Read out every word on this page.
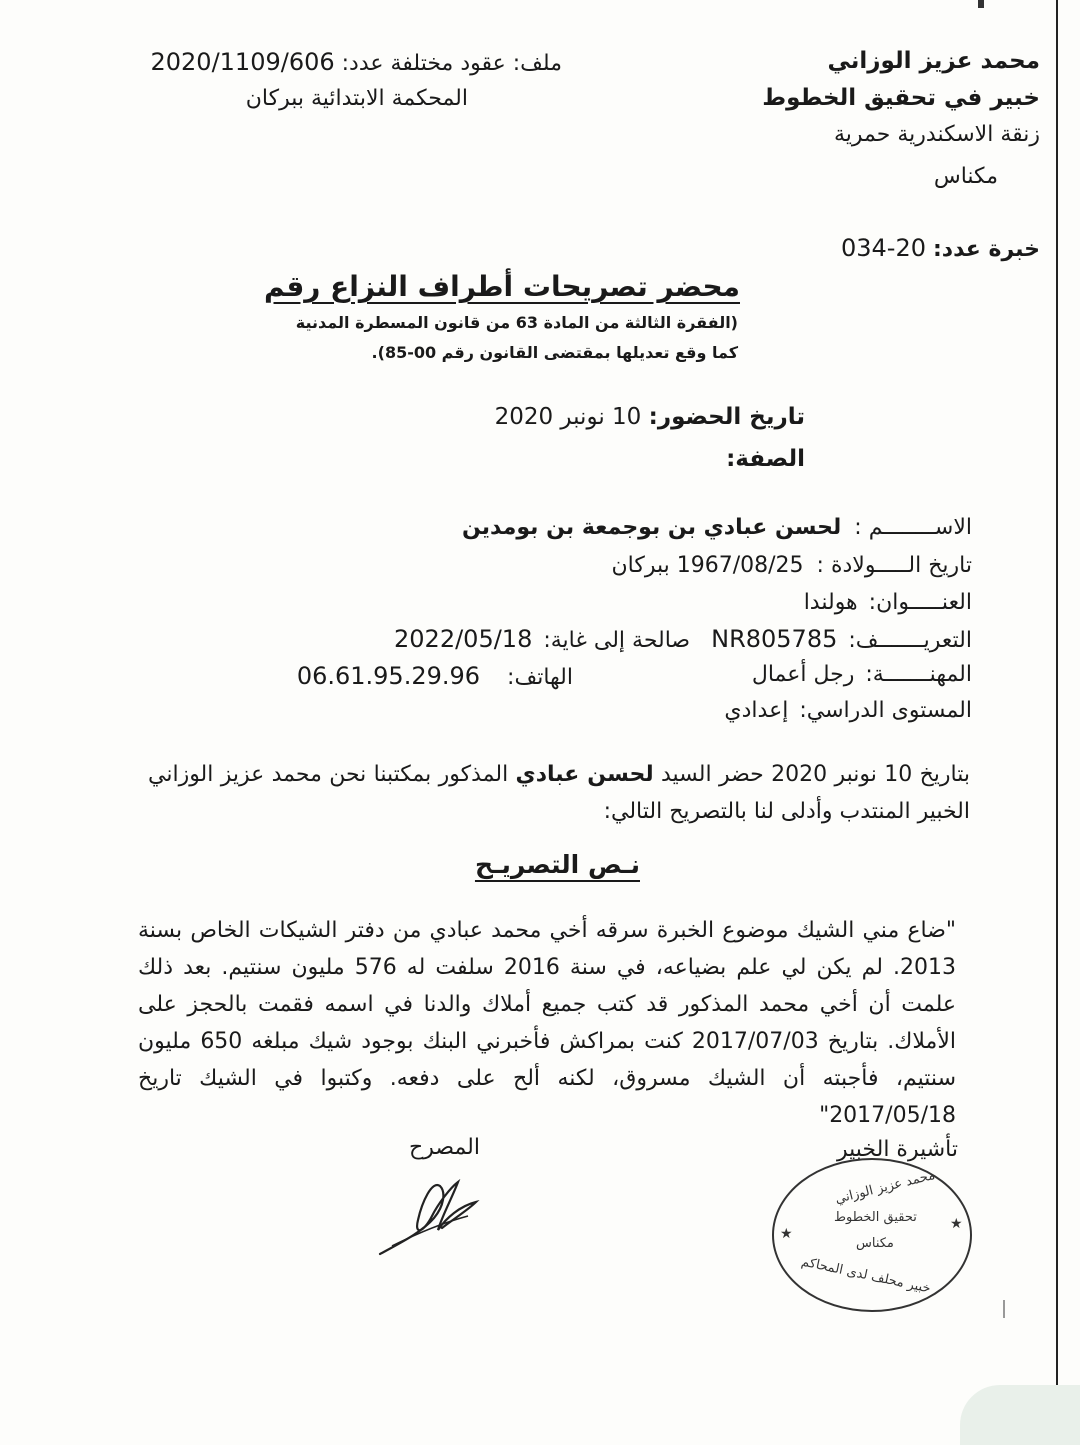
محمد عزيز الوزاني
خبير في تحقيق الخطوط
زنقة الاسكندرية حمرية
مكناس
خبرة عدد: 20-034
ملف: عقود مختلفة عدد: 2020/1109/606
المحكمة الابتدائية ببركان
محضر تصريحات أطراف النزاع رقم
(الفقرة الثالثة من المادة 63 من قانون المسطرة المدنية
كما وقع تعديلها بمقتضى القانون رقم 00-85).
تاريخ الحضور: 10 نونبر 2020
الصفة:
الاســــــــم : لحسن عبادي بن بوجمعة بن بومدين
تاريخ الـــــولادة : 1967/08/25 ببركان
العنـــــوان: هولندا
التعريـــــــف: NR805785 صالحة إلى غاية: 2022/05/18
المهنـــــــة: رجل أعمال
الهاتف: 06.61.95.29.96
المستوى الدراسي: إعدادي
بتاريخ 10 نونبر 2020 حضر السيد لحسن عبادي المذكور بمكتبنا نحن محمد عزيز الوزاني الخبير المنتدب وأدلى لنا بالتصريح التالي:
نـص التصريـح
"ضاع مني الشيك موضوع الخبرة سرقه أخي محمد عبادي من دفتر الشيكات الخاص بسنة 2013. لم يكن لي علم بضياعه، في سنة 2016 سلفت له 576 مليون سنتيم. بعد ذلك علمت أن أخي محمد المذكور قد كتب جميع أملاك والدنا في اسمه فقمت بالحجز على الأملاك. بتاريخ 2017/07/03 كنت بمراكش فأخبرني البنك بوجود شيك مبلغه 650 مليون سنتيم، فأجبته أن الشيك مسروق، لكنه ألح على دفعه. وكتبوا في الشيك تاريخ 2017/05/18"
تأشيرة الخبير
المصرح
محمد عزيز الوزاني
تحقيق الخطوط
مكناس
خبير محلف لدى المحاكم
★
★
